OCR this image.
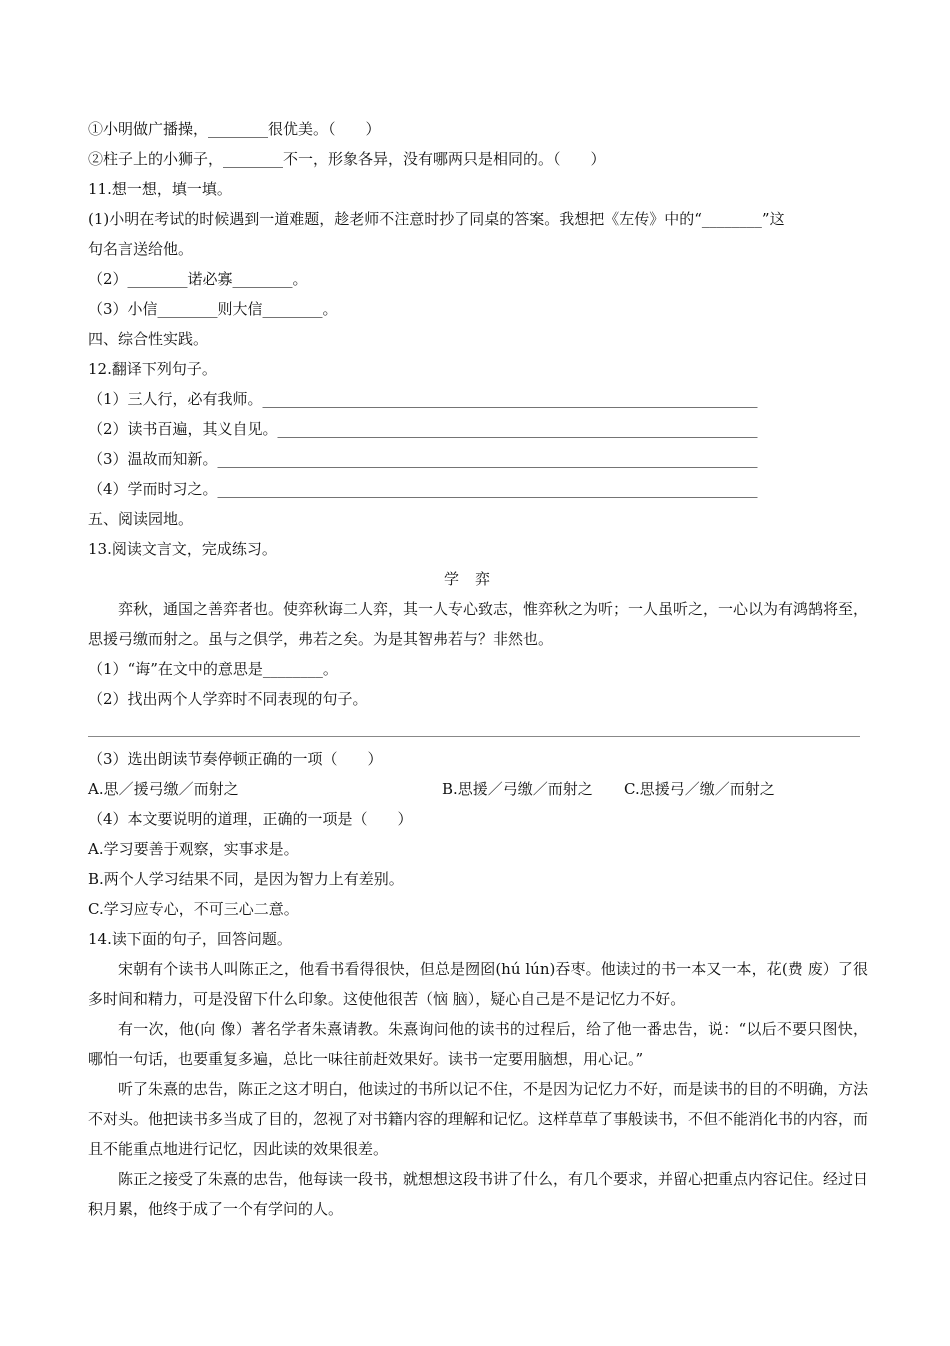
①小明做广播操，________很优美。（　　）
②柱子上的小狮子，________不一，形象各异，没有哪两只是相同的。（　　）
11.想一想，填一填。
(1)小明在考试的时候遇到一道难题，趁老师不注意时抄了同桌的答案。我想把《左传》中的“________”这
句名言送给他。
（2）________诺必寡________。
（3）小信________则大信________。
四、综合性实践。
12.翻译下列句子。
（1）三人行，必有我师。__________________________________________________________________
（2）读书百遍，其义自见。________________________________________________________________
（3）温故而知新。________________________________________________________________________
（4）学而时习之。________________________________________________________________________
五、阅读园地。
13.阅读文言文，完成练习。
学弈
弈秋，通国之善弈者也。使弈秋诲二人弈，其一人专心致志，惟弈秋之为听；一人虽听之，一心以为有鸿鹄将至，思援弓缴而射之。虽与之俱学，弗若之矣。为是其智弗若与？非然也。
（1）“诲”在文中的意思是________。
（2）找出两个人学弈时不同表现的句子。
（3）选出朗读节奏停顿正确的一项（　　）
A.思／援弓缴／而射之	B.思援／弓缴／而射之 C.思援弓／缴／而射之
（4）本文要说明的道理，正确的一项是（　　）
A.学习要善于观察，实事求是。
B.两个人学习结果不同，是因为智力上有差别。
C.学习应专心，不可三心二意。
14.读下面的句子，回答问题。
宋朝有个读书人叫陈正之，他看书看得很快，但总是囫囵(hú lún)吞枣。他读过的书一本又一本，花(费 废）了很多时间和精力，可是没留下什么印象。这使他很苦（恼 脑），疑心自己是不是记忆力不好。
有一次，他(向 像）著名学者朱熹请教。朱熹询问他的读书的过程后，给了他一番忠告，说：“以后不要只图快，哪怕一句话，也要重复多遍，总比一味往前赶效果好。读书一定要用脑想，用心记。”
听了朱熹的忠告，陈正之这才明白，他读过的书所以记不住，不是因为记忆力不好，而是读书的目的不明确，方法不对头。他把读书多当成了目的，忽视了对书籍内容的理解和记忆。这样草草了事般读书，不但不能消化书的内容，而且不能重点地进行记忆，因此读的效果很差。
陈正之接受了朱熹的忠告，他每读一段书，就想想这段书讲了什么，有几个要求，并留心把重点内容记住。经过日积月累，他终于成了一个有学问的人。
